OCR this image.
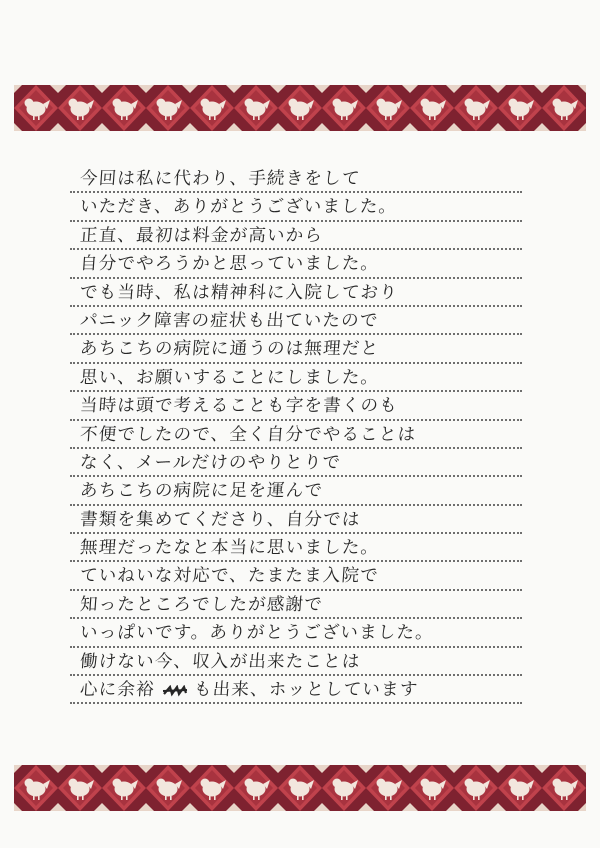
今回は私に代わり、手続きをして
いただき、ありがとうございました。
正直、最初は料金が高いから
自分でやろうかと思っていました。
でも当時、私は精神科に入院しており
パニック障害の症状も出ていたので
あちこちの病院に通うのは無理だと
思い、お願いすることにしました。
当時は頭で考えることも字を書くのも
不便でしたので、全く自分でやることは
なく、メールだけのやりとりで
あちこちの病院に足を運んで
書類を集めてくださり、自分では
無理だったなと本当に思いました。
ていねいな対応で、たまたま入院で
知ったところでしたが感謝で
いっぱいです。ありがとうございました。
働けない今、収入が出来たことは
心に余裕 も出来、ホッとしています
